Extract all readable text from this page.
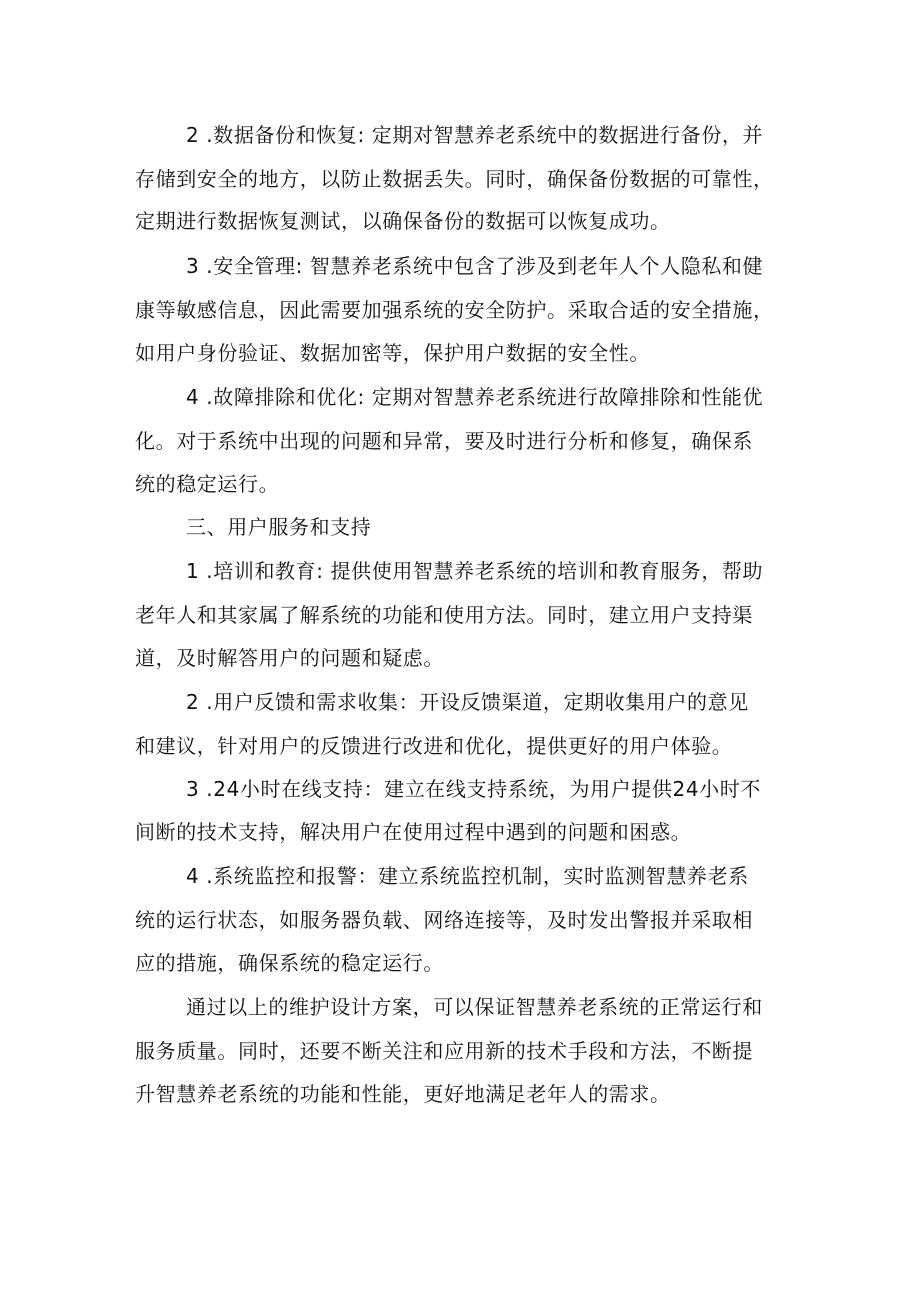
2 .数据备份和恢复: 定期对智慧养老系统中的数据进行备份，并
存储到安全的地方，以防止数据丢失。同时，确保备份数据的可靠性，
定期进行数据恢复测试，以确保备份的数据可以恢复成功。
3 .安全管理: 智慧养老系统中包含了涉及到老年人个人隐私和健
康等敏感信息，因此需要加强系统的安全防护。采取合适的安全措施，
如用户身份验证、数据加密等，保护用户数据的安全性。
4 .故障排除和优化: 定期对智慧养老系统进行故障排除和性能优
化。对于系统中出现的问题和异常，要及时进行分析和修复，确保系
统的稳定运行。
三、用户服务和支持
1 .培训和教育: 提供使用智慧养老系统的培训和教育服务，帮助
老年人和其家属了解系统的功能和使用方法。同时，建立用户支持渠
道，及时解答用户的问题和疑虑。
2 .用户反馈和需求收集：开设反馈渠道，定期收集用户的意见
和建议，针对用户的反馈进行改进和优化，提供更好的用户体验。
3 .24小时在线支持：建立在线支持系统，为用户提供24小时不
间断的技术支持，解决用户在使用过程中遇到的问题和困惑。
4 .系统监控和报警：建立系统监控机制，实时监测智慧养老系
统的运行状态，如服务器负载、网络连接等，及时发出警报并采取相
应的措施，确保系统的稳定运行。
通过以上的维护设计方案，可以保证智慧养老系统的正常运行和
服务质量。同时，还要不断关注和应用新的技术手段和方法，不断提
升智慧养老系统的功能和性能，更好地满足老年人的需求。
